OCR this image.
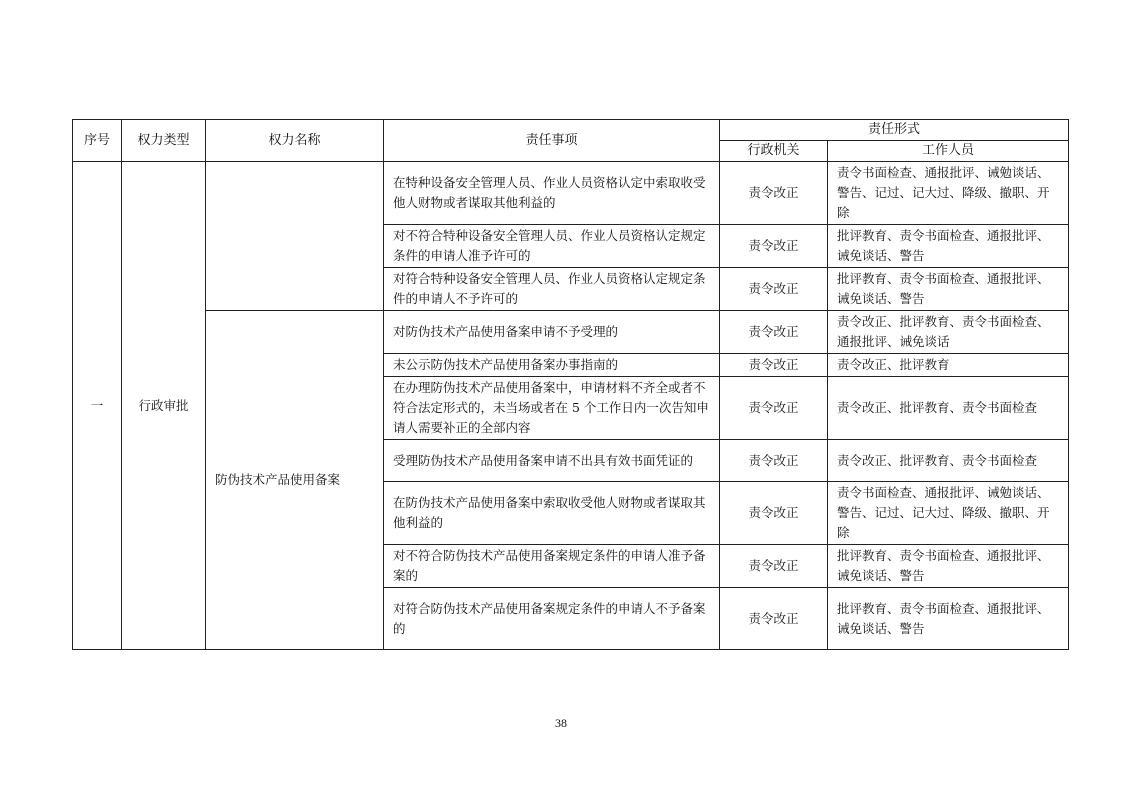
序号	权力类型	权力名称	责任事项	责任形式	
				行政机关	工作人员
一	行政审批		在特种设备安全管理人员、作业人员资格认定中索取收受他人财物或者谋取其他利益的	责令改正	责令书面检查、通报批评、诫勉谈话、警告、记过、记大过、降级、撤职、开除
			对不符合特种设备安全管理人员、作业人员资格认定规定条件的申请人准予许可的	责令改正	批评教育、责令书面检查、通报批评、诫免谈话、警告
			对符合特种设备安全管理人员、作业人员资格认定规定条件的申请人不予许可的	责令改正	批评教育、责令书面检查、通报批评、诫免谈话、警告
		防伪技术产品使用备案	对防伪技术产品使用备案申请不予受理的	责令改正	责令改正、批评教育、责令书面检查、通报批评、诫免谈话
			未公示防伪技术产品使用备案办事指南的	责令改正	责令改正、批评教育
			在办理防伪技术产品使用备案中，申请材料不齐全或者不符合法定形式的，未当场或者在 5 个工作日内一次告知申请人需要补正的全部内容	责令改正	责令改正、批评教育、责令书面检查
			受理防伪技术产品使用备案申请不出具有效书面凭证的	责令改正	责令改正、批评教育、责令书面检查
			在防伪技术产品使用备案中索取收受他人财物或者谋取其他利益的	责令改正	责令书面检查、通报批评、诫勉谈话、警告、记过、记大过、降级、撤职、开除
			对不符合防伪技术产品使用备案规定条件的申请人准予备案的	责令改正	批评教育、责令书面检查、通报批评、诫免谈话、警告
			对符合防伪技术产品使用备案规定条件的申请人不予备案的	责令改正	批评教育、责令书面检查、通报批评、诫免谈话、警告
38
